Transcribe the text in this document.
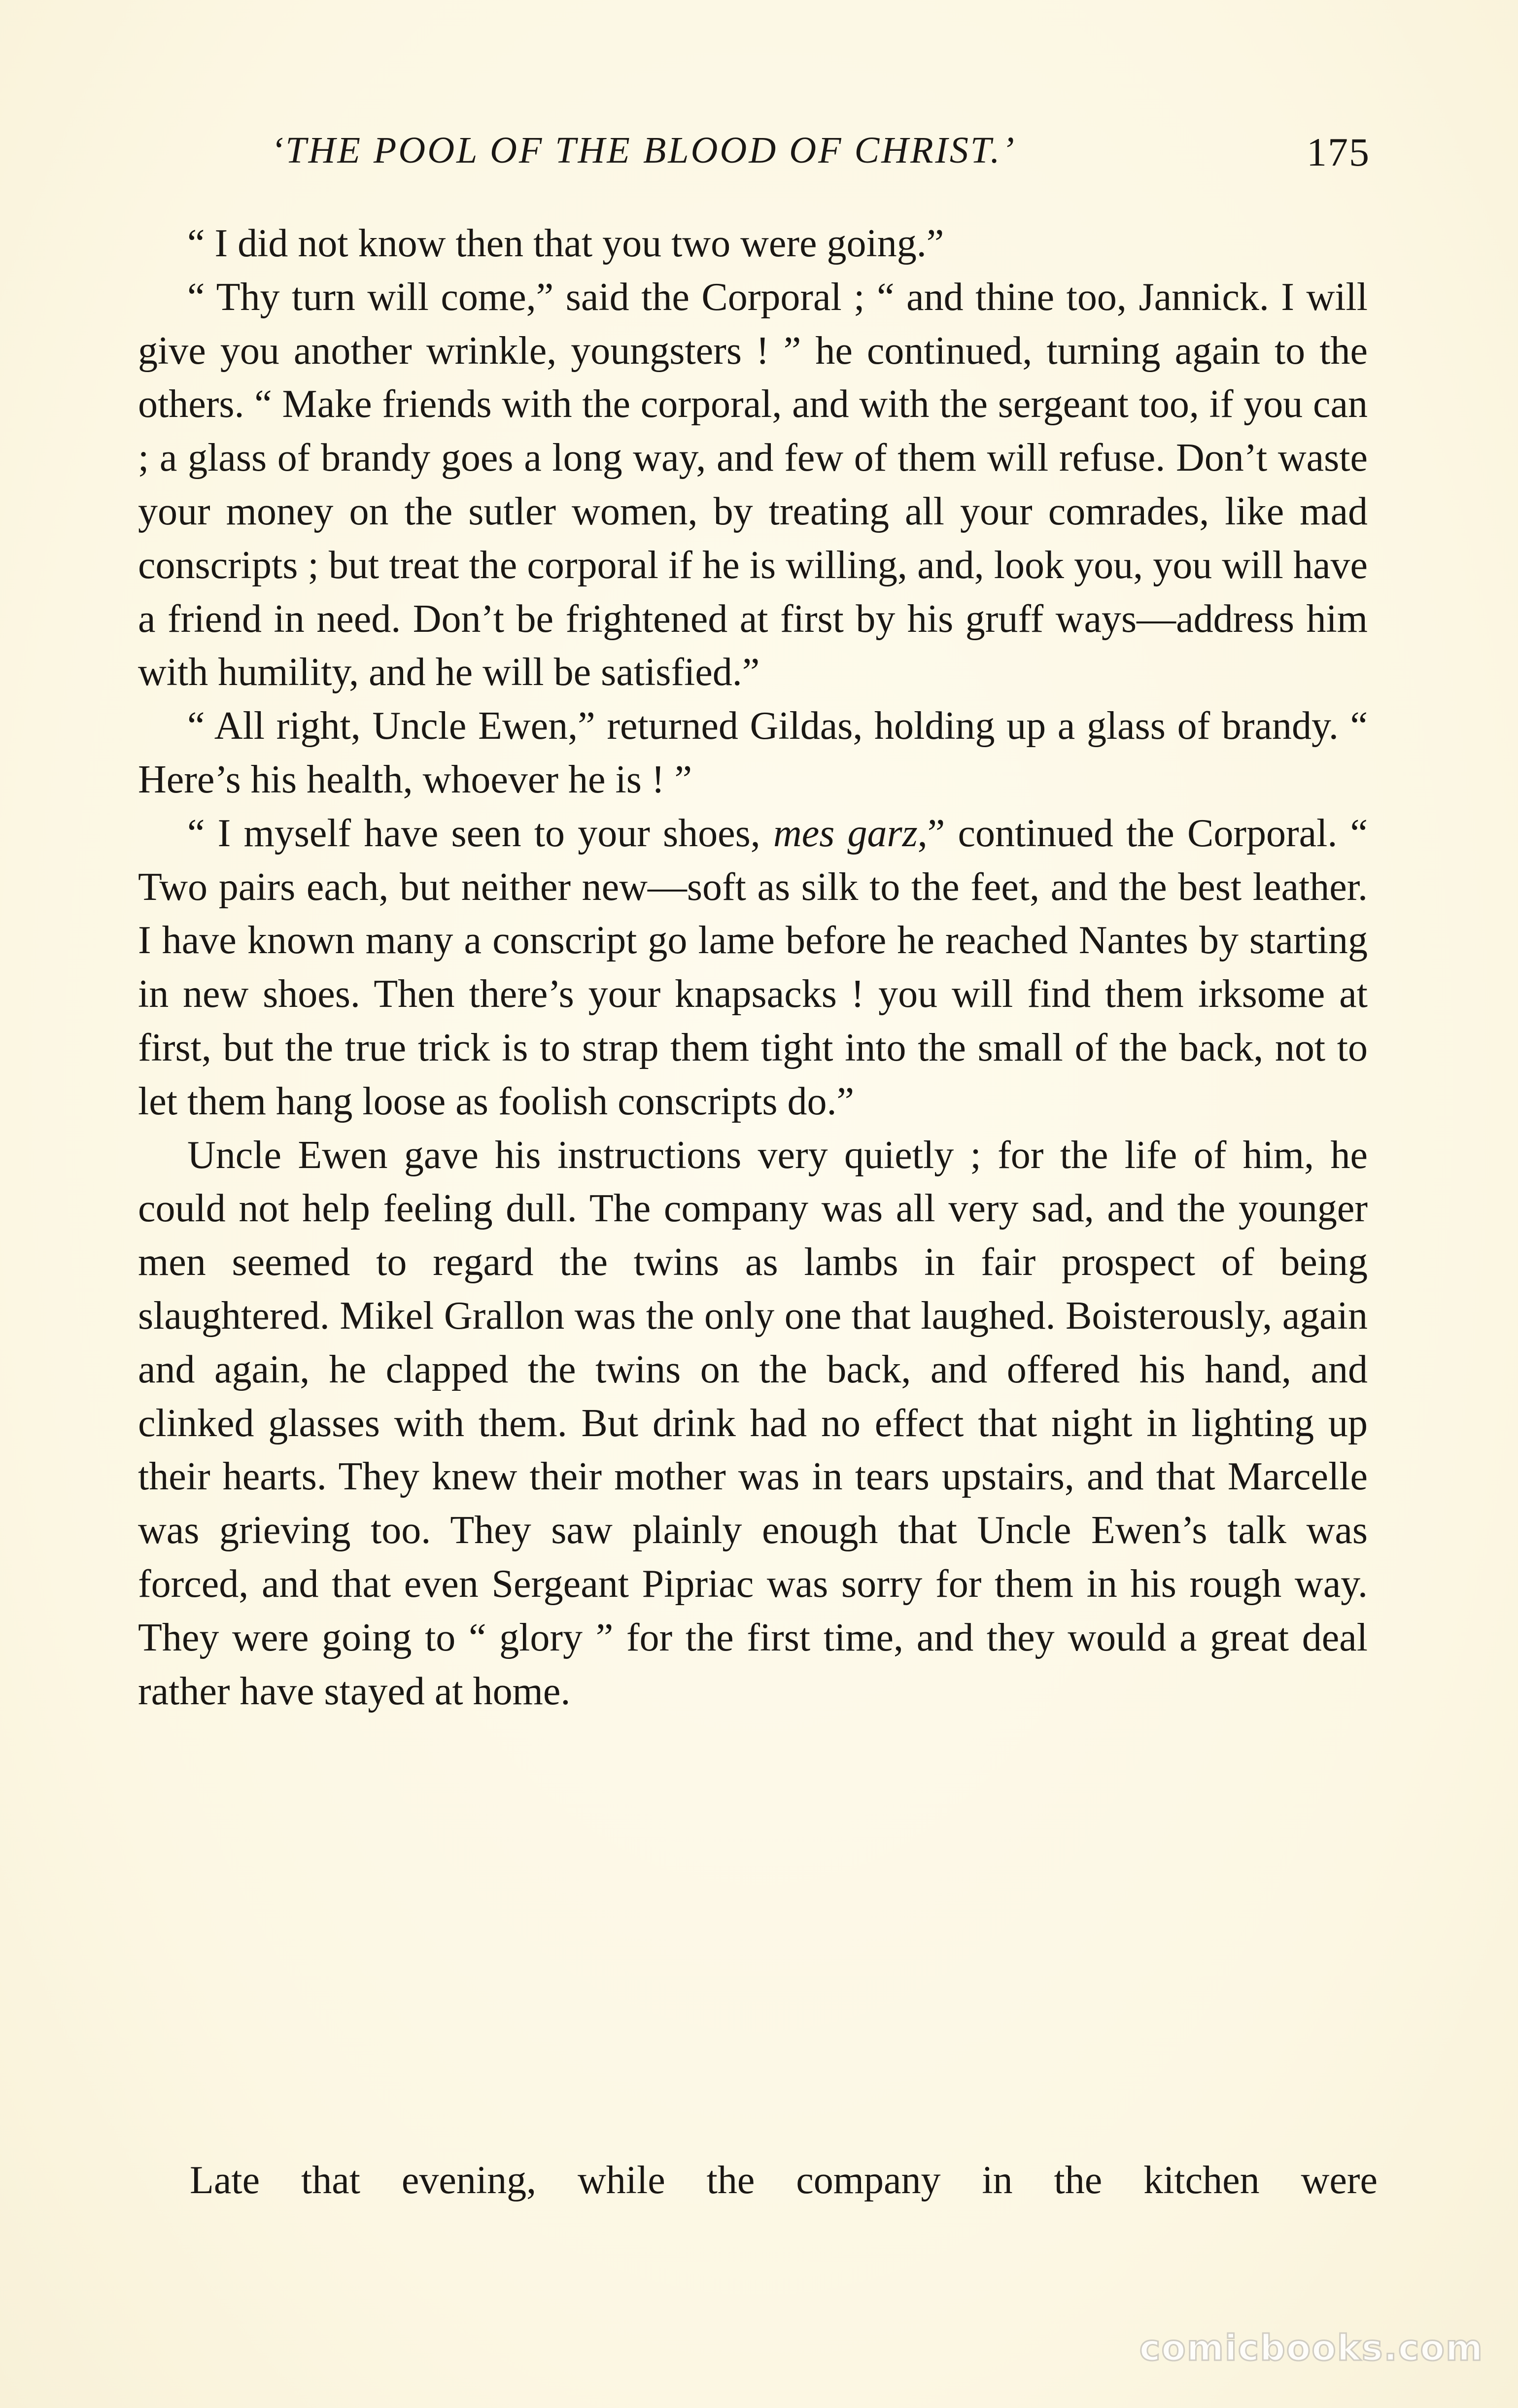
‘THE POOL OF THE BLOOD OF CHRIST.’	175

“ I did not know then that you two were going.”

“ Thy turn will come,” said the Corporal ; “ and thine too, Jannick. I will give you another wrinkle, youngsters ! ” he continued, turning again to the others. “ Make friends with the corporal, and with the sergeant too, if you can ; a glass of brandy goes a long way, and few of them will refuse. Don’t waste your money on the sutler women, by treating all your comrades, like mad conscripts ; but treat the corporal if he is willing, and, look you, you will have a friend in need. Don’t be frightened at first by his gruff ways—address him with humility, and he will be satisfied.”

“ All right, Uncle Ewen,” returned Gildas, holding up a glass of brandy. “ Here’s his health, whoever he is ! ”

“ I myself have seen to your shoes, mes garz,” continued the Corporal. “ Two pairs each, but neither new—soft as silk to the feet, and the best leather. I have known many a conscript go lame before he reached Nantes by starting in new shoes. Then there’s your knapsacks ! you will find them irksome at first, but the true trick is to strap them tight into the small of the back, not to let them hang loose as foolish conscripts do.”

Uncle Ewen gave his instructions very quietly ; for the life of him, he could not help feeling dull. The company was all very sad, and the younger men seemed to regard the twins as lambs in fair prospect of being slaughtered. Mikel Grallon was the only one that laughed. Boisterously, again and again, he clapped the twins on the back, and offered his hand, and clinked glasses with them. But drink had no effect that night in lighting up their hearts. They knew their mother was in tears upstairs, and that Marcelle was grieving too. They saw plainly enough that Uncle Ewen’s talk was forced, and that even Sergeant Pipriac was sorry for them in his rough way. They were going to “ glory ” for the first time, and they would a great deal rather have stayed at home.

Late that evening, while the company in the kitchen were
comicbooks.com
